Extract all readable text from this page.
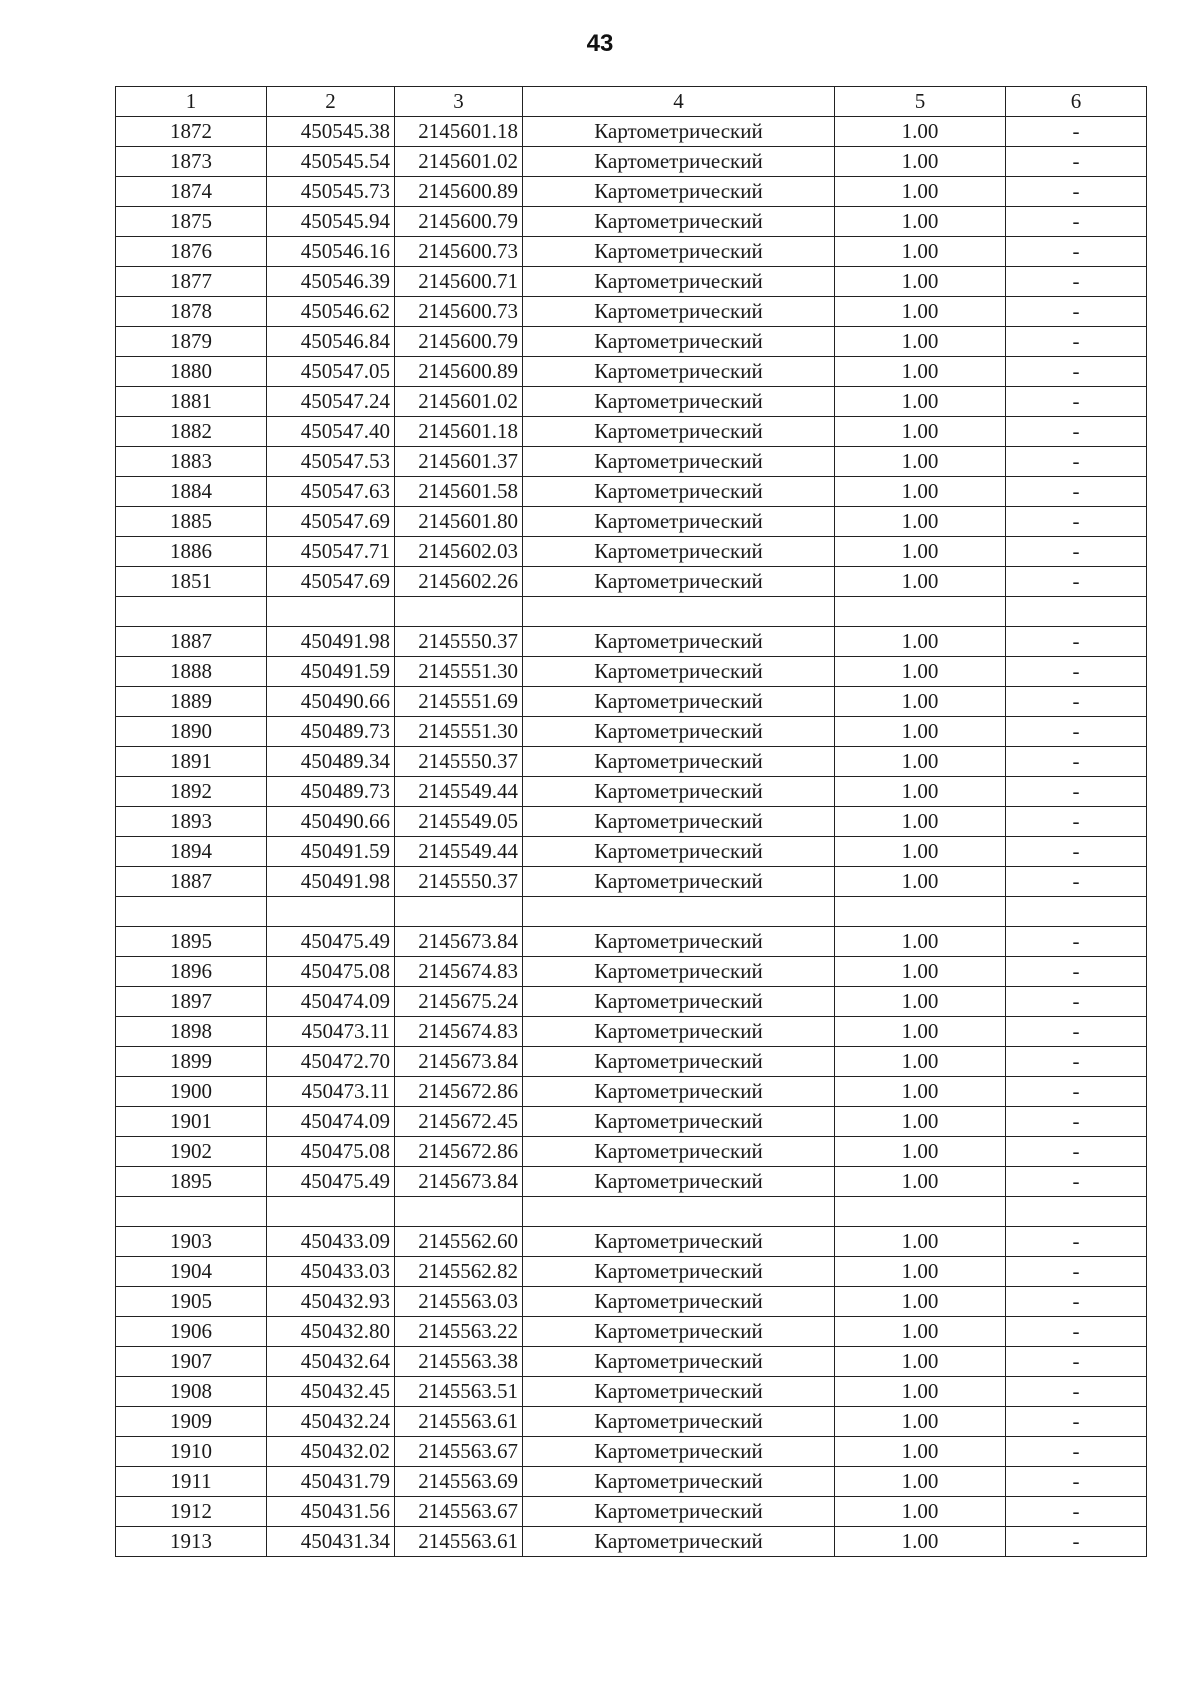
43
1	2	3	4	5	6
1872	450545.38	2145601.18	Картометрический	1.00	-
1873	450545.54	2145601.02	Картометрический	1.00	-
1874	450545.73	2145600.89	Картометрический	1.00	-
1875	450545.94	2145600.79	Картометрический	1.00	-
1876	450546.16	2145600.73	Картометрический	1.00	-
1877	450546.39	2145600.71	Картометрический	1.00	-
1878	450546.62	2145600.73	Картометрический	1.00	-
1879	450546.84	2145600.79	Картометрический	1.00	-
1880	450547.05	2145600.89	Картометрический	1.00	-
1881	450547.24	2145601.02	Картометрический	1.00	-
1882	450547.40	2145601.18	Картометрический	1.00	-
1883	450547.53	2145601.37	Картометрический	1.00	-
1884	450547.63	2145601.58	Картометрический	1.00	-
1885	450547.69	2145601.80	Картометрический	1.00	-
1886	450547.71	2145602.03	Картометрический	1.00	-
1851	450547.69	2145602.26	Картометрический	1.00	-

1887	450491.98	2145550.37	Картометрический	1.00	-
1888	450491.59	2145551.30	Картометрический	1.00	-
1889	450490.66	2145551.69	Картометрический	1.00	-
1890	450489.73	2145551.30	Картометрический	1.00	-
1891	450489.34	2145550.37	Картометрический	1.00	-
1892	450489.73	2145549.44	Картометрический	1.00	-
1893	450490.66	2145549.05	Картометрический	1.00	-
1894	450491.59	2145549.44	Картометрический	1.00	-
1887	450491.98	2145550.37	Картометрический	1.00	-

1895	450475.49	2145673.84	Картометрический	1.00	-
1896	450475.08	2145674.83	Картометрический	1.00	-
1897	450474.09	2145675.24	Картометрический	1.00	-
1898	450473.11	2145674.83	Картометрический	1.00	-
1899	450472.70	2145673.84	Картометрический	1.00	-
1900	450473.11	2145672.86	Картометрический	1.00	-
1901	450474.09	2145672.45	Картометрический	1.00	-
1902	450475.08	2145672.86	Картометрический	1.00	-
1895	450475.49	2145673.84	Картометрический	1.00	-

1903	450433.09	2145562.60	Картометрический	1.00	-
1904	450433.03	2145562.82	Картометрический	1.00	-
1905	450432.93	2145563.03	Картометрический	1.00	-
1906	450432.80	2145563.22	Картометрический	1.00	-
1907	450432.64	2145563.38	Картометрический	1.00	-
1908	450432.45	2145563.51	Картометрический	1.00	-
1909	450432.24	2145563.61	Картометрический	1.00	-
1910	450432.02	2145563.67	Картометрический	1.00	-
1911	450431.79	2145563.69	Картометрический	1.00	-
1912	450431.56	2145563.67	Картометрический	1.00	-
1913	450431.34	2145563.61	Картометрический	1.00	-
